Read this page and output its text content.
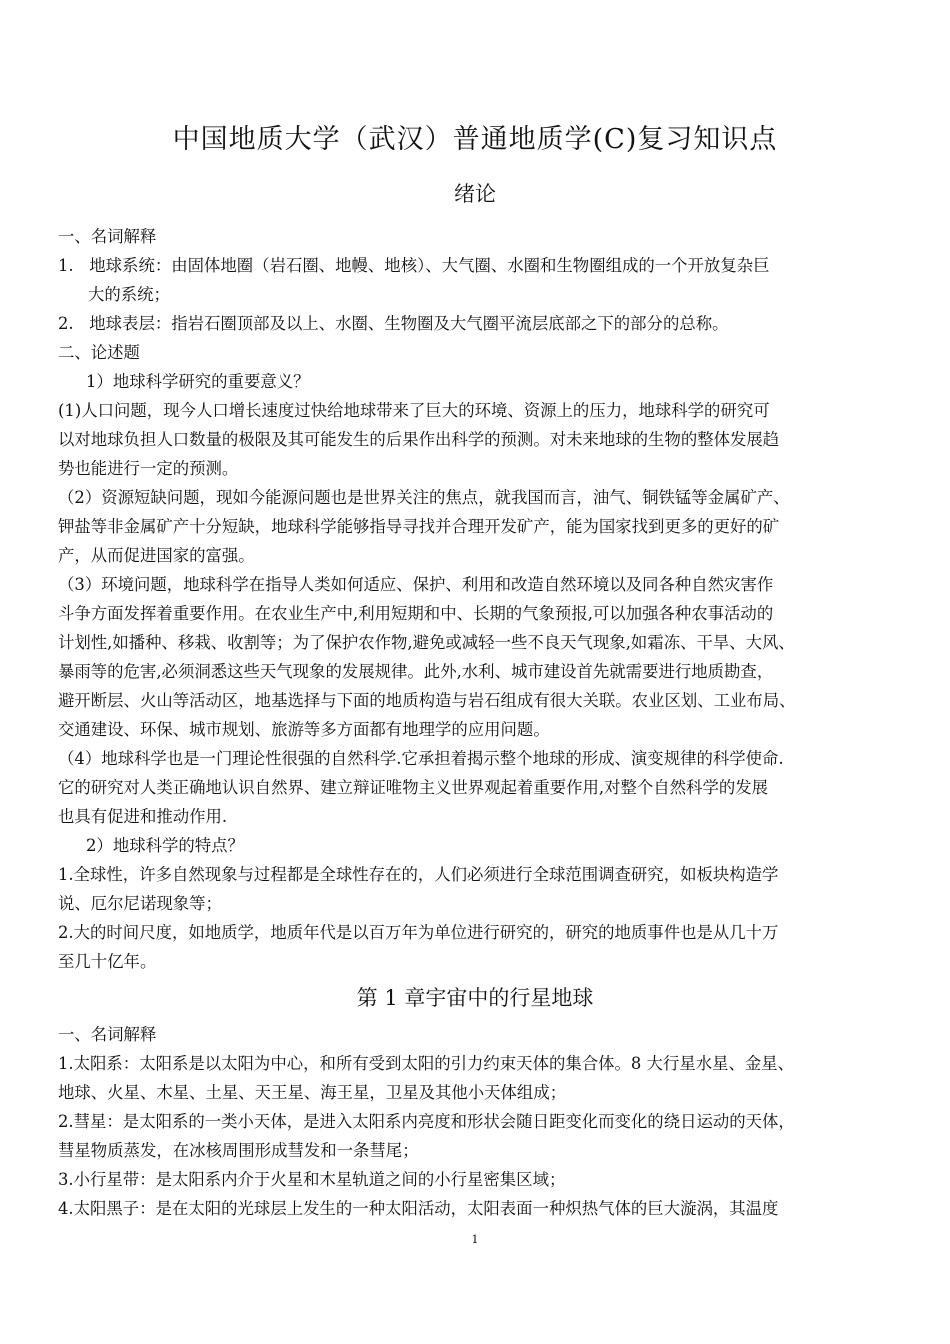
中国地质大学（武汉）普通地质学(C)复习知识点
绪论
一、名词解释
1. 地球系统：由固体地圈（岩石圈、地幔、地核）、大气圈、水圈和生物圈组成的一个开放复杂巨
大的系统；
2. 地球表层：指岩石圈顶部及以上、水圈、生物圈及大气圈平流层底部之下的部分的总称。
二、论述题
1）地球科学研究的重要意义？
(1)人口问题，现今人口增长速度过快给地球带来了巨大的环境、资源上的压力，地球科学的研究可
以对地球负担人口数量的极限及其可能发生的后果作出科学的预测。对未来地球的生物的整体发展趋
势也能进行一定的预测。
（2）资源短缺问题，现如今能源问题也是世界关注的焦点，就我国而言，油气、铜铁锰等金属矿产、
钾盐等非金属矿产十分短缺，地球科学能够指导寻找并合理开发矿产，能为国家找到更多的更好的矿
产，从而促进国家的富强。
（3）环境问题，地球科学在指导人类如何适应、保护、利用和改造自然环境以及同各种自然灾害作
斗争方面发挥着重要作用。在农业生产中,利用短期和中、长期的气象预报,可以加强各种农事活动的
计划性,如播种、移栽、收割等；为了保护农作物,避免或减轻一些不良天气现象,如霜冻、干旱、大风、
暴雨等的危害,必须洞悉这些天气现象的发展规律。此外,水利、城市建设首先就需要进行地质勘查，
避开断层、火山等活动区，地基选择与下面的地质构造与岩石组成有很大关联。农业区划、工业布局、
交通建设、环保、城市规划、旅游等多方面都有地理学的应用问题。
（4）地球科学也是一门理论性很强的自然科学.它承担着揭示整个地球的形成、演变规律的科学使命.
它的研究对人类正确地认识自然界、建立辩证唯物主义世界观起着重要作用,对整个自然科学的发展
也具有促进和推动作用.
2）地球科学的特点？
1.全球性，许多自然现象与过程都是全球性存在的，人们必须进行全球范围调查研究，如板块构造学
说、厄尔尼诺现象等；
2.大的时间尺度，如地质学，地质年代是以百万年为单位进行研究的，研究的地质事件也是从几十万
至几十亿年。
第 1 章宇宙中的行星地球
一、名词解释
1.太阳系：太阳系是以太阳为中心，和所有受到太阳的引力约束天体的集合体。8 大行星水星、金星、
地球、火星、木星、土星、天王星、海王星，卫星及其他小天体组成；
2.彗星：是太阳系的一类小天体，是进入太阳系内亮度和形状会随日距变化而变化的绕日运动的天体，
彗星物质蒸发，在冰核周围形成彗发和一条彗尾；
3.小行星带：是太阳系内介于火星和木星轨道之间的小行星密集区域；
4.太阳黑子：是在太阳的光球层上发生的一种太阳活动，太阳表面一种炽热气体的巨大漩涡，其温度
1
